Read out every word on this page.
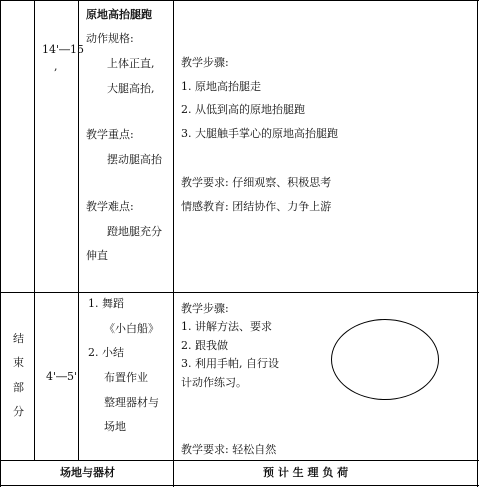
14'―15
,
原地高抬腿跑
动作规格:
上体正直,
大腿高抬,
教学重点:
摆动腿高抬
教学难点:
蹬地腿充分
伸直
教学步骤:
1. 原地高抬腿走
2. 从低到高的原地抬腿跑
3. 大腿触手掌心的原地高抬腿跑
教学要求: 仔细观察、积极思考
情感教育: 团结协作、力争上游
结
束
部
分
4'―5'
1. 舞蹈
《小白船》
2. 小结
布置作业
整理器材与
场地
教学步骤:
1. 讲解方法、要求
2. 跟我做
3. 利用手帕, 自行设
计动作练习。
教学要求: 轻松自然
场地与器材	预 计 生 理 负 荷
